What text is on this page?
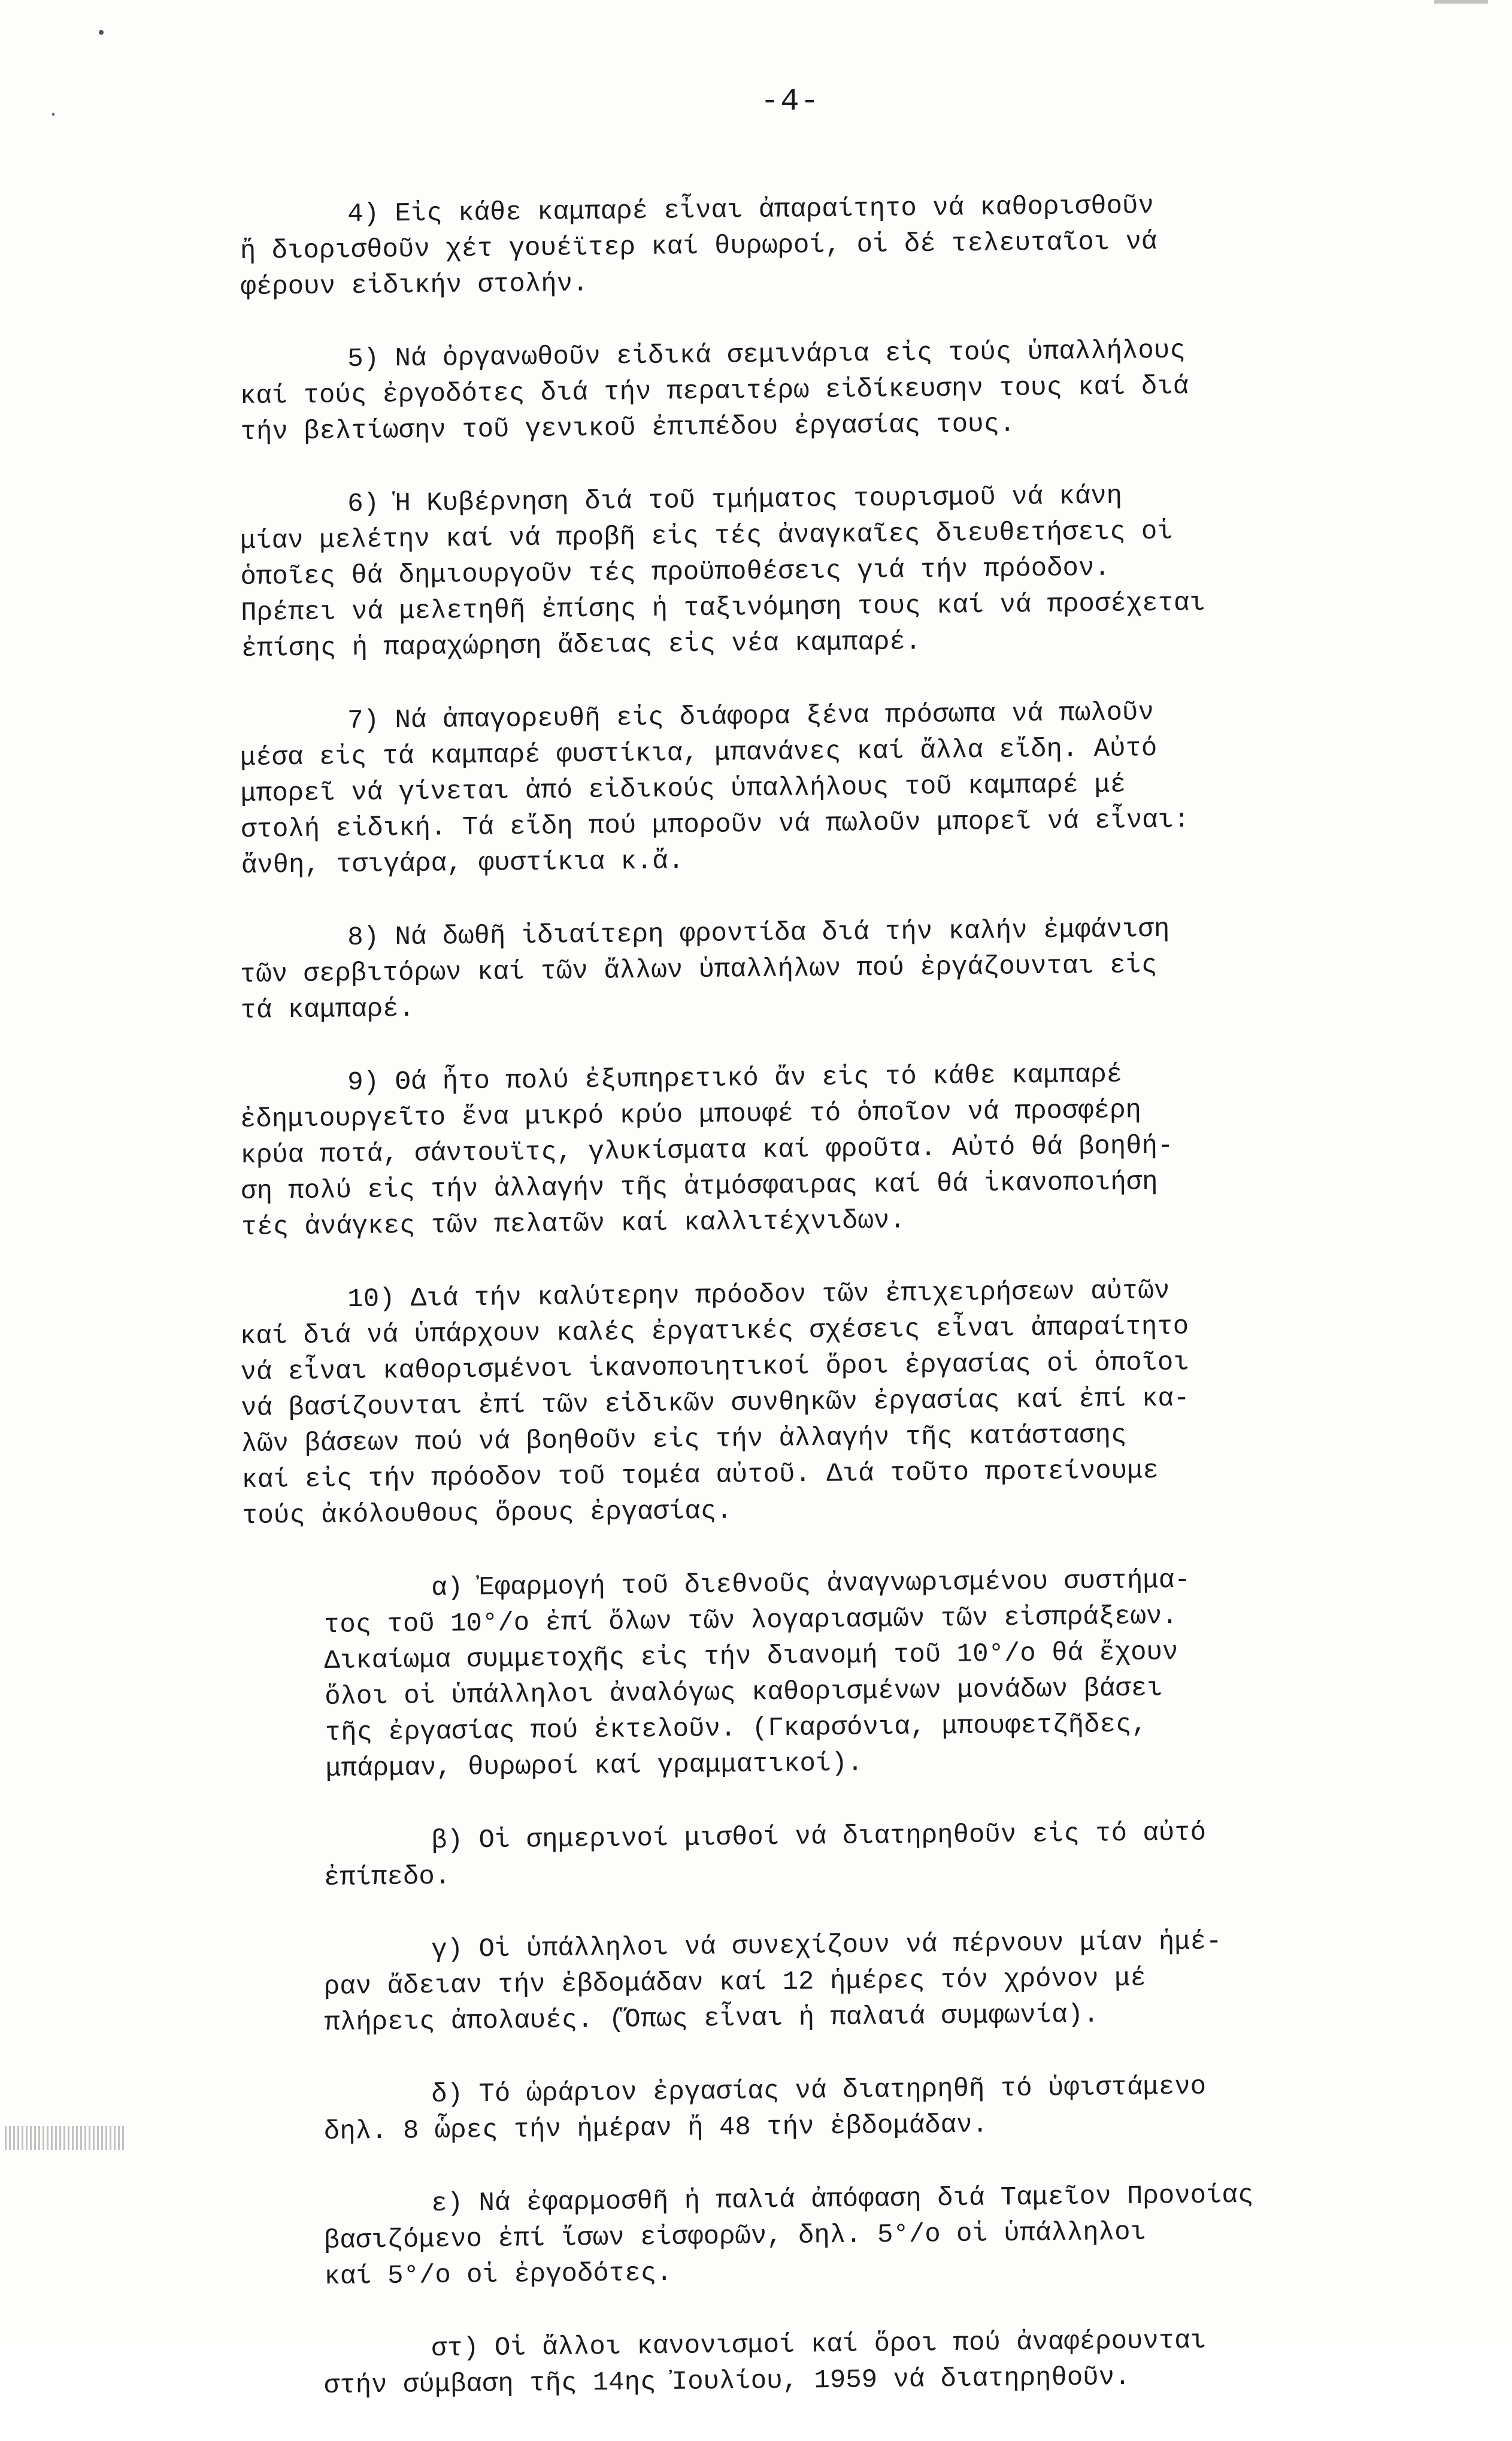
•
·	-4-
4) Εἰς κάθε καμπαρέ εἶναι ἀπαραίτητο νά καθορισθοῦν
ἤ διορισθοῦν χέτ γουέϊτερ καί θυρωροί, οἱ δέ τελευταῖοι νά
φέρουν εἰδικήν στολήν.
5) Νά ὀργανωθοῦν εἰδικά σεμινάρια εἰς τούς ὑπαλλήλους
καί τούς ἐργοδότες διά τήν περαιτέρω εἰδίκευσην τους καί διά
τήν βελτίωσην τοῦ γενικοῦ ἐπιπέδου ἐργασίας τους.
6) Ἡ Κυβέρνηση διά τοῦ τμήματος τουρισμοῦ νά κάνη
μίαν μελέτην καί νά προβῆ εἰς τές ἀναγκαῖες διευθετήσεις οἱ
ὁποῖες θά δημιουργοῦν τές προϋποθέσεις γιά τήν πρόοδον.
Πρέπει νά μελετηθῆ ἐπίσης ἡ ταξινόμηση τους καί νά προσέχεται
ἐπίσης ἡ παραχώρηση ἄδειας εἰς νέα καμπαρέ.
7) Νά ἀπαγορευθῆ εἰς διάφορα ξένα πρόσωπα νά πωλοῦν
μέσα εἰς τά καμπαρέ φυστίκια, μπανάνες καί ἄλλα εἴδη. Αὐτό
μπορεῖ νά γίνεται ἀπό εἰδικούς ὑπαλλήλους τοῦ καμπαρέ μέ
στολή εἰδική. Τά εἴδη πού μποροῦν νά πωλοῦν μπορεῖ νά εἶναι:
ἄνθη, τσιγάρα, φυστίκια κ.ἄ.
8) Νά δωθῆ ἰδιαίτερη φροντίδα διά τήν καλήν ἐμφάνιση
τῶν σερβιτόρων καί τῶν ἄλλων ὑπαλλήλων πού ἐργάζουνται εἰς
τά καμπαρέ.
9) Θά ἦτο πολύ ἐξυπηρετικό ἄν εἰς τό κάθε καμπαρέ
ἐδημιουργεῖτο ἕνα μικρό κρύο μπουφέ τό ὁποῖον νά προσφέρη
κρύα ποτά, σάντουϊτς, γλυκίσματα καί φροῦτα. Αὐτό θά βοηθή-
ση πολύ εἰς τήν ἀλλαγήν τῆς ἀτμόσφαιρας καί θά ἱκανοποιήση
τές ἀνάγκες τῶν πελατῶν καί καλλιτέχνιδων.
10) Διά τήν καλύτερην πρόοδον τῶν ἐπιχειρήσεων αὐτῶν
καί διά νά ὑπάρχουν καλές ἐργατικές σχέσεις εἶναι ἀπαραίτητο
νά εἶναι καθορισμένοι ἱκανοποιητικοί ὅροι ἐργασίας οἱ ὁποῖοι
νά βασίζουνται ἐπί τῶν εἰδικῶν συνθηκῶν ἐργασίας καί ἐπί κα-
λῶν βάσεων πού νά βοηθοῦν εἰς τήν ἀλλαγήν τῆς κατάστασης
καί εἰς τήν πρόοδον τοῦ τομέα αὐτοῦ. Διά τοῦτο προτείνουμε
τούς ἀκόλουθους ὅρους ἐργασίας.
α) Ἐφαρμογή τοῦ διεθνοῦς ἀναγνωρισμένου συστήμα-
τος τοῦ 10°/ο ἐπί ὅλων τῶν λογαριασμῶν τῶν εἰσπράξεων.
Δικαίωμα συμμετοχῆς εἰς τήν διανομή τοῦ 10°/ο θά ἔχουν
ὅλοι οἱ ὑπάλληλοι ἀναλόγως καθορισμένων μονάδων βάσει
τῆς ἐργασίας πού ἐκτελοῦν. (Γκαρσόνια, μπουφετζῆδες,
μπάρμαν, θυρωροί καί γραμματικοί).
β) Οἱ σημερινοί μισθοί νά διατηρηθοῦν εἰς τό αὐτό
ἐπίπεδο.
γ) Οἱ ὑπάλληλοι νά συνεχίζουν νά πέρνουν μίαν ἡμέ-
ραν ἄδειαν τήν ἑβδομάδαν καί 12 ἡμέρες τόν χρόνον μέ
πλήρεις ἀπολαυές. (Ὅπως εἶναι ἡ παλαιά συμφωνία).
δ) Τό ὡράριον ἐργασίας νά διατηρηθῆ τό ὑφιστάμενο
δηλ. 8 ὧρες τήν ἡμέραν ἤ 48 τήν ἑβδομάδαν.
ε) Νά ἐφαρμοσθῆ ἡ παλιά ἀπόφαση διά Ταμεῖον Προνοίας
βασιζόμενο ἐπί ἴσων εἰσφορῶν, δηλ. 5°/ο οἱ ὑπάλληλοι
καί 5°/ο οἱ ἐργοδότες.
στ) Οἱ ἄλλοι κανονισμοί καί ὅροι πού ἀναφέρουνται
στήν σύμβαση τῆς 14ης Ἰουλίου, 1959 νά διατηρηθοῦν.
